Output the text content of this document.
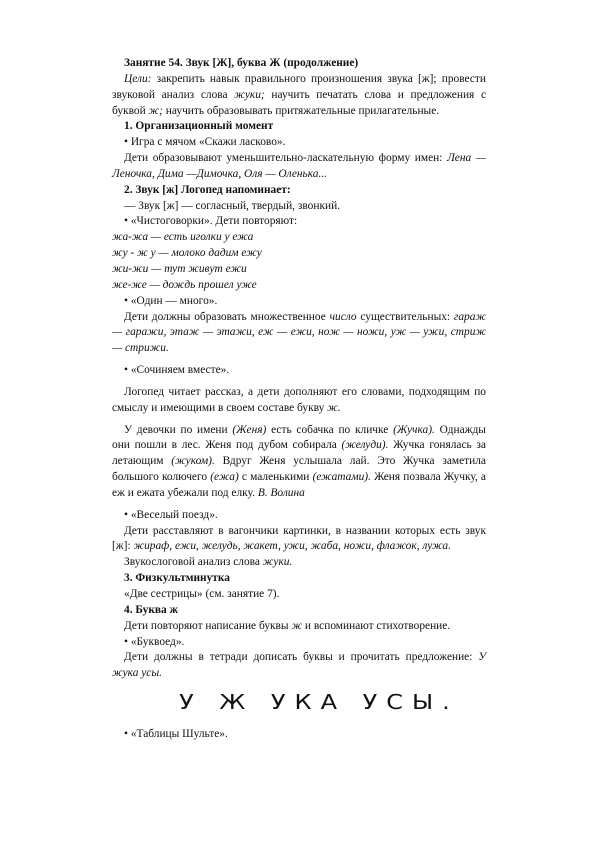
Занятие 54. Звук [Ж], буква Ж (продолжение)

Цели: закрепить навык правильного произношения звука [ж]; провести звуковой анализ слова жуки; научить печатать слова и предложения с буквой ж; научить образовывать притяжательные прилагательные.

1. Организационный момент

• Игра с мячом «Скажи ласково».

Дети образовывают уменьшительно-ласкательную форму имен: Лена — Леночка, Дима —Димочка, Оля — Оленька...

2. Звук [ж] Логопед напоминает:

— Звук [ж] — согласный, твердый, звонкий.

• «Чистоговорки». Дети повторяют:

жа-жа — есть иголки у ежа

жу - ж у — молоко дадим ежу

жи-жи — тут живут ежи

же-же — дождь прошел уже

• «Один — много».

Дети должны образовать множественное число существительных: гараж — гаражи, этаж — этажи, еж — ежи, нож — ножи, уж — ужи, стриж — стрижи.

• «Сочиняем вместе».

Логопед читает рассказ, а дети дополняют его словами, подходящим по смыслу и имеющими в своем составе букву ж.

У девочки по имени (Женя) есть собачка по кличке (Жучка). Однажды они пошли в лес. Женя под дубом собирала (желуди). Жучка гонялась за летающим (жуком). Вдруг Женя услышала лай. Это Жучка заметила большого колючего (ежа) с маленькими (ежатами). Женя позвала Жучку, а еж и ежата убежали под елку. В. Волина

• «Веселый поезд».

Дети расставляют в вагончики картинки, в названии которых есть звук [ж]: жираф, ежи, желудь, жакет, ужи, жаба, ножи, флажок, лужа.

Звукослоговой анализ слова жуки.

3. Физкультминутка

«Две сестрицы» (см. занятие 7).

4. Буква ж

Дети повторяют написание буквы ж и вспоминают стихотворение.

• «Буквоед».

Дети должны в тетради дописать буквы и прочитать предложение: У жука усы.

У Ж УКА УСЫ.

• «Таблицы Шульте».
